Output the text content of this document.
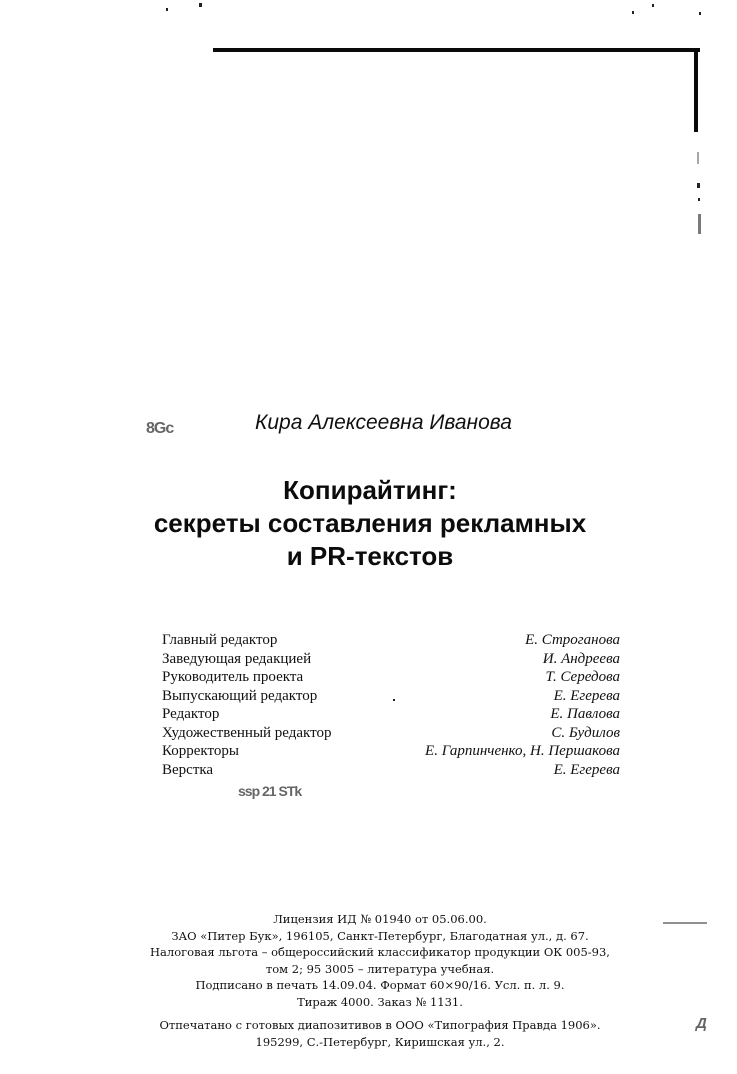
8Gc
ssp 21 STk
Д
Кира Алексеевна Иванова
Копирайтинг:
секреты составления рекламных
и PR-текстов
Главный редактор	Е. Строганова
Заведующая редакцией	И. Андреева
Руководитель проекта	Т. Середова
Выпускающий редактор	Е. Егерева
Редактор	Е. Павлова
Художественный редактор	С. Будилов
Корректоры	Е. Гарпинченко, Н. Першакова
Верстка	Е. Егерева
Лицензия ИД № 01940 от 05.06.00.
ЗАО «Питер Бук», 196105, Санкт-Петербург, Благодатная ул., д. 67.
Налоговая льгота – общероссийский классификатор продукции ОК 005-93,
том 2; 95 3005 – литература учебная.
Подписано в печать 14.09.04. Формат 60×90/16. Усл. п. л. 9.
Тираж 4000. Заказ № 1131.
Отпечатано с готовых диапозитивов в ООО «Типография Правда 1906».
195299, С.-Петербург, Киришская ул., 2.
